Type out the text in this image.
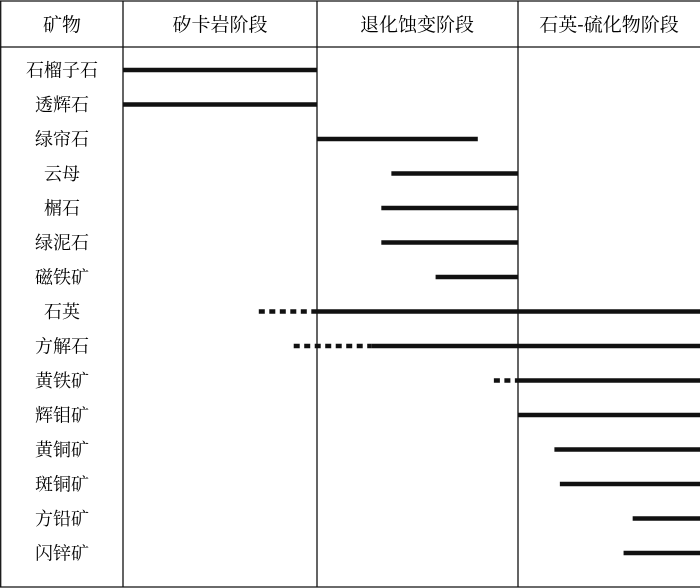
矿物	矽卡岩阶段	退化蚀变阶段	石英-硫化物阶段
石榴子石
透辉石
绿帘石
云母
榍石
绿泥石
磁铁矿
石英
方解石
黄铁矿
辉钼矿
黄铜矿
斑铜矿
方铅矿
闪锌矿
